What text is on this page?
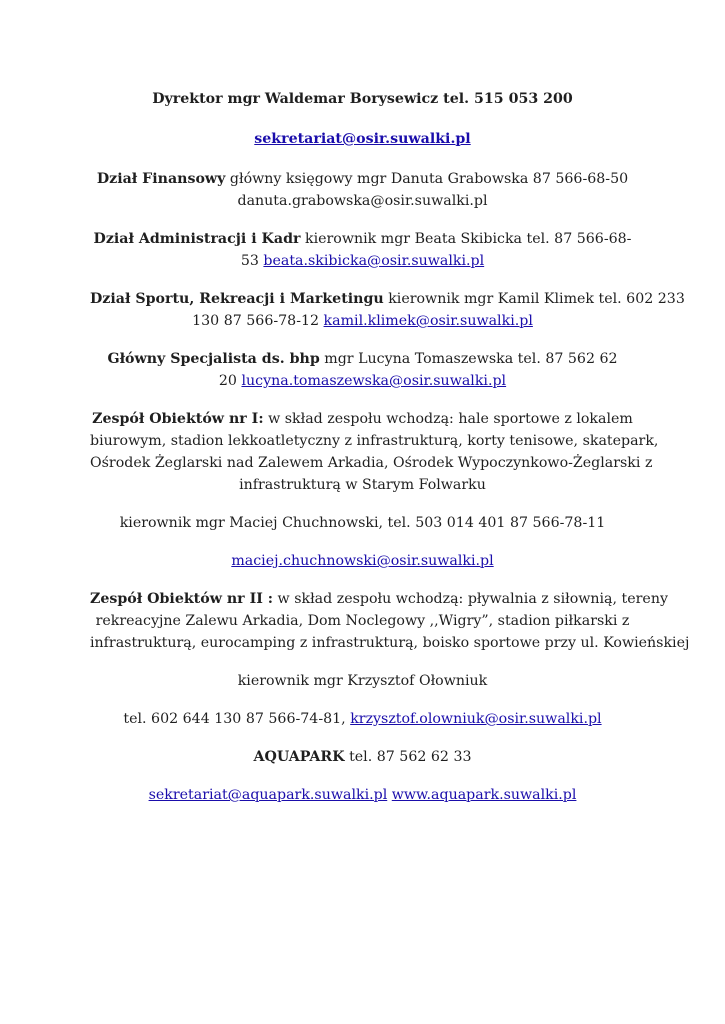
Dyrektor mgr Waldemar Borysewicz tel. 515 053 200

sekretariat@osir.suwalki.pl

Dział Finansowy główny księgowy mgr Danuta Grabowska 87 566-68-50
danuta.grabowska@osir.suwalki.pl

Dział Administracji i Kadr kierownik mgr Beata Skibicka tel. 87 566-68-
53 beata.skibicka@osir.suwalki.pl

Dział Sportu, Rekreacji i Marketingu kierownik mgr Kamil Klimek tel. 602 233
130 87 566-78-12 kamil.klimek@osir.suwalki.pl

Główny Specjalista ds. bhp mgr Lucyna Tomaszewska tel. 87 562 62
20 lucyna.tomaszewska@osir.suwalki.pl

Zespół Obiektów nr I: w skład zespołu wchodzą: hale sportowe z lokalem
biurowym, stadion lekkoatletyczny z infrastrukturą, korty tenisowe, skatepark,
Ośrodek Żeglarski nad Zalewem Arkadia, Ośrodek Wypoczynkowo-Żeglarski z
infrastrukturą w Starym Folwarku

kierownik mgr Maciej Chuchnowski, tel. 503 014 401 87 566-78-11

maciej.chuchnowski@osir.suwalki.pl

Zespół Obiektów nr II : w skład zespołu wchodzą: pływalnia z siłownią, tereny
rekreacyjne Zalewu Arkadia, Dom Noclegowy ,,Wigry”, stadion piłkarski z
infrastrukturą, eurocamping z infrastrukturą, boisko sportowe przy ul. Kowieńskiej

kierownik mgr Krzysztof Ołowniuk

tel. 602 644 130 87 566-74-81, krzysztof.olowniuk@osir.suwalki.pl

AQUAPARK tel. 87 562 62 33

sekretariat@aquapark.suwalki.pl www.aquapark.suwalki.pl
